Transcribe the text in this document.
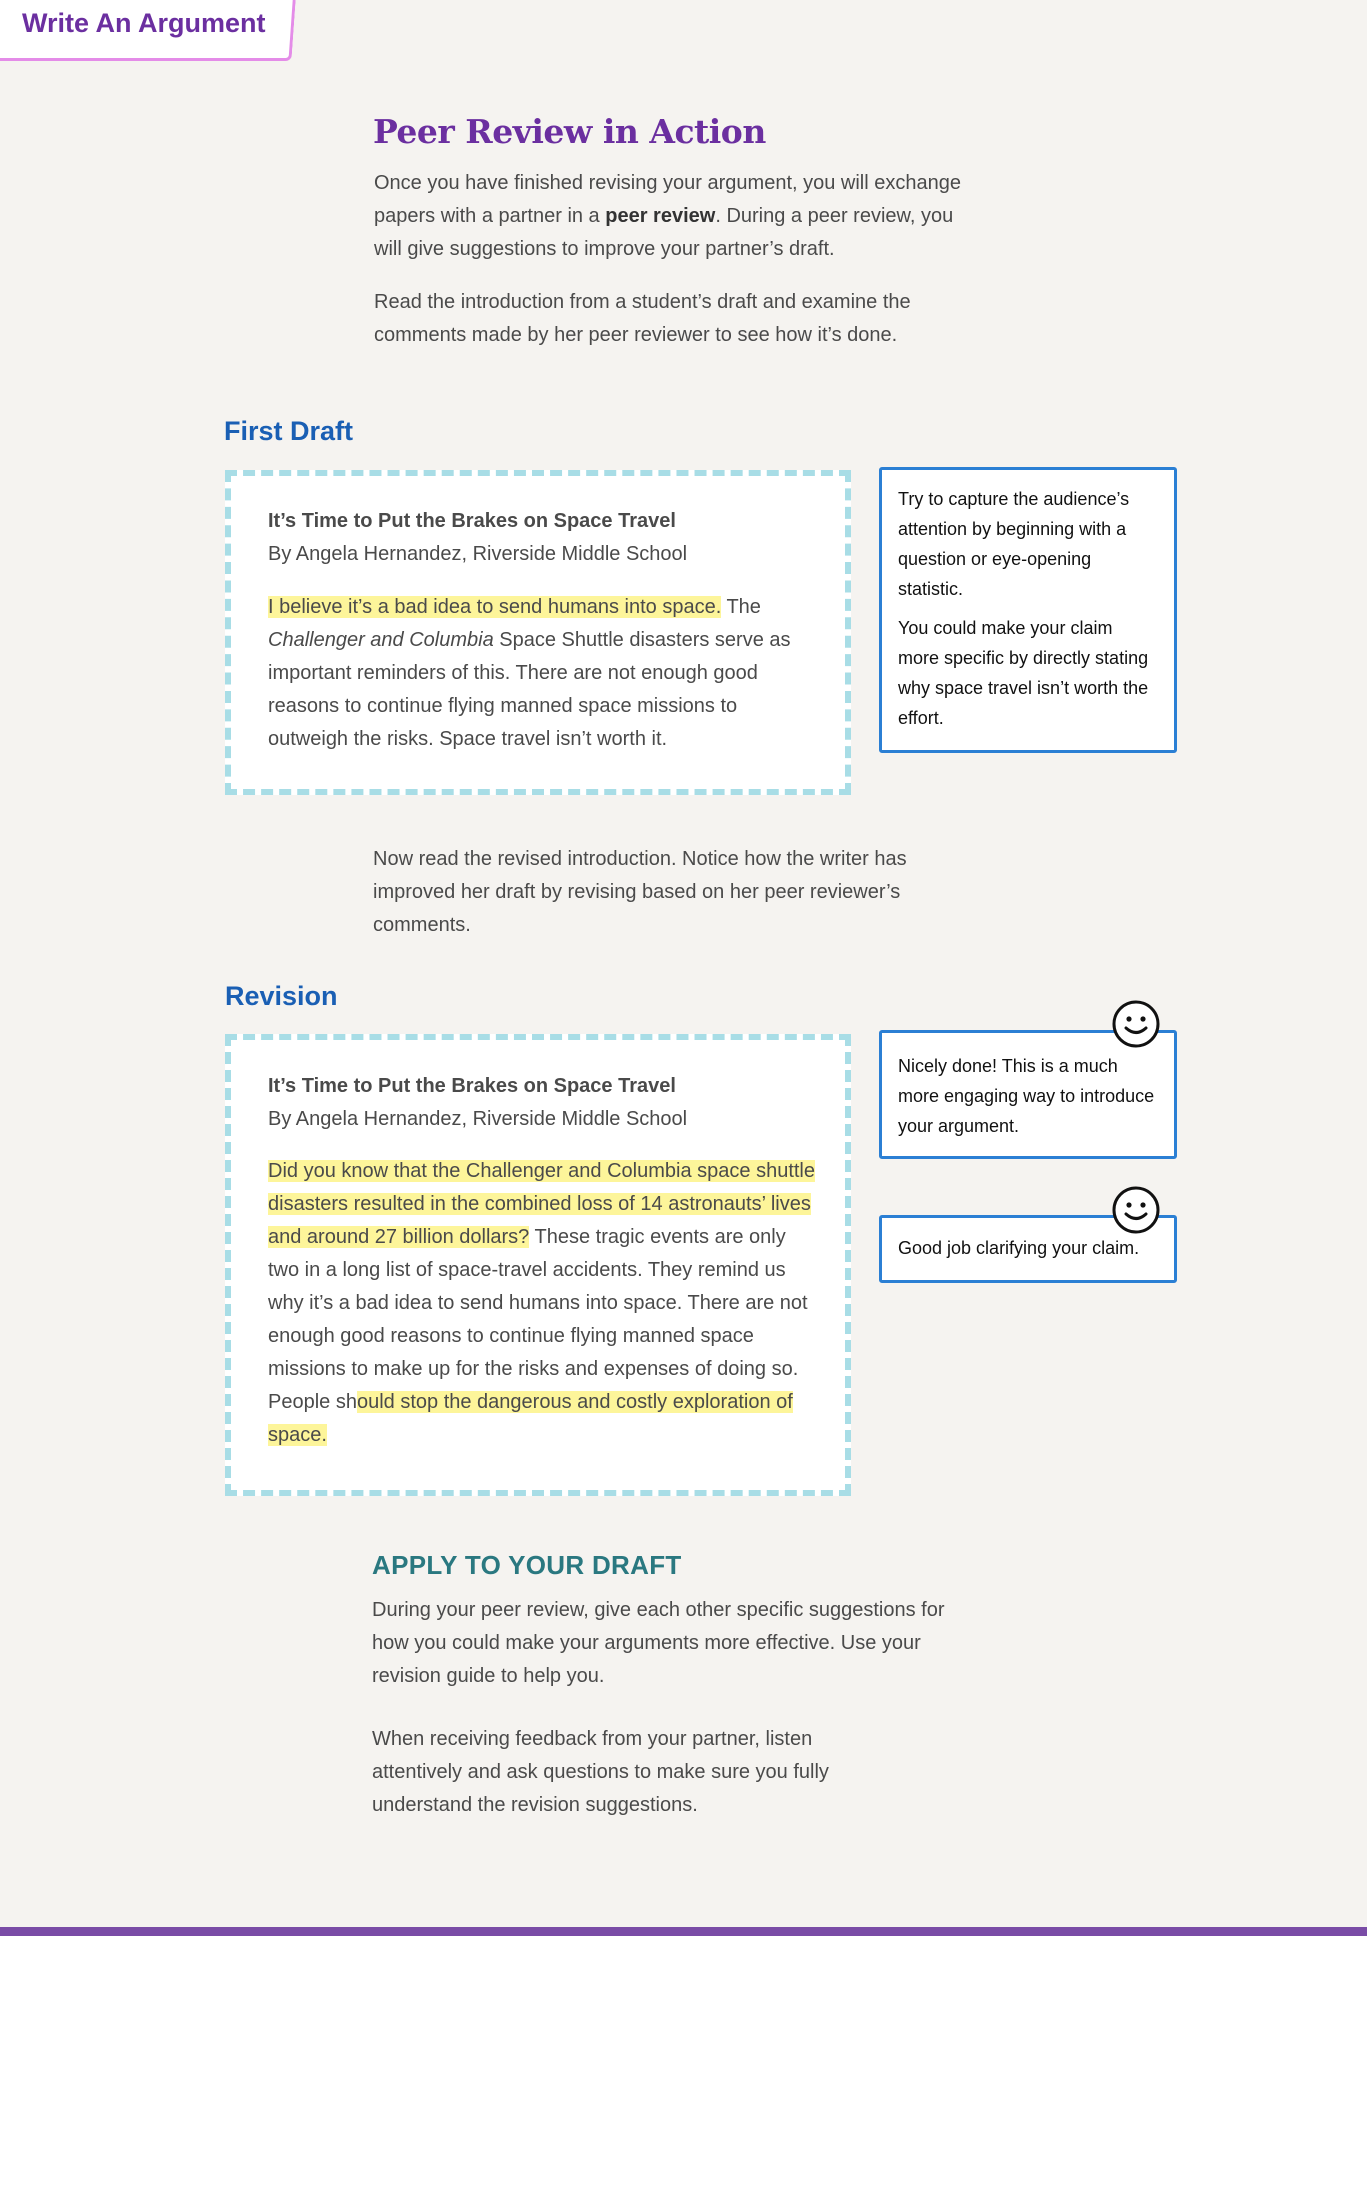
Write An Argument
Peer Review in Action

Once you have finished revising your argument, you will exchange papers with a partner in a peer review. During a peer review, you will give suggestions to improve your partner’s draft.

Read the introduction from a student’s draft and examine the comments made by her peer reviewer to see how it’s done.

First Draft
It’s Time to Put the Brakes on Space Travel
By Angela Hernandez, Riverside Middle School

I believe it’s a bad idea to send humans into space. The Challenger and Columbia Space Shuttle disasters serve as important reminders of this. There are not enough good reasons to continue flying manned space missions to outweigh the risks. Space travel isn’t worth it.

Try to capture the audience’s attention by beginning with a question or eye-opening statistic.

You could make your claim more specific by directly stating why space travel isn’t worth the effort.

Now read the revised introduction. Notice how the writer has improved her draft by revising based on her peer reviewer’s comments.

Revision
It’s Time to Put the Brakes on Space Travel
By Angela Hernandez, Riverside Middle School

Did you know that the Challenger and Columbia space shuttle disasters resulted in the combined loss of 14 astronauts’ lives and around 27 billion dollars? These tragic events are only two in a long list of space-travel accidents. They remind us why it’s a bad idea to send humans into space. There are not enough good reasons to continue flying manned space missions to make up for the risks and expenses of doing so. People should stop the dangerous and costly exploration of space.

Nicely done! This is a much more engaging way to introduce your argument.

Good job clarifying your claim.

APPLY TO YOUR DRAFT

During your peer review, give each other specific suggestions for how you could make your arguments more effective. Use your revision guide to help you.

When receiving feedback from your partner, listen attentively and ask questions to make sure you fully understand the revision suggestions.
